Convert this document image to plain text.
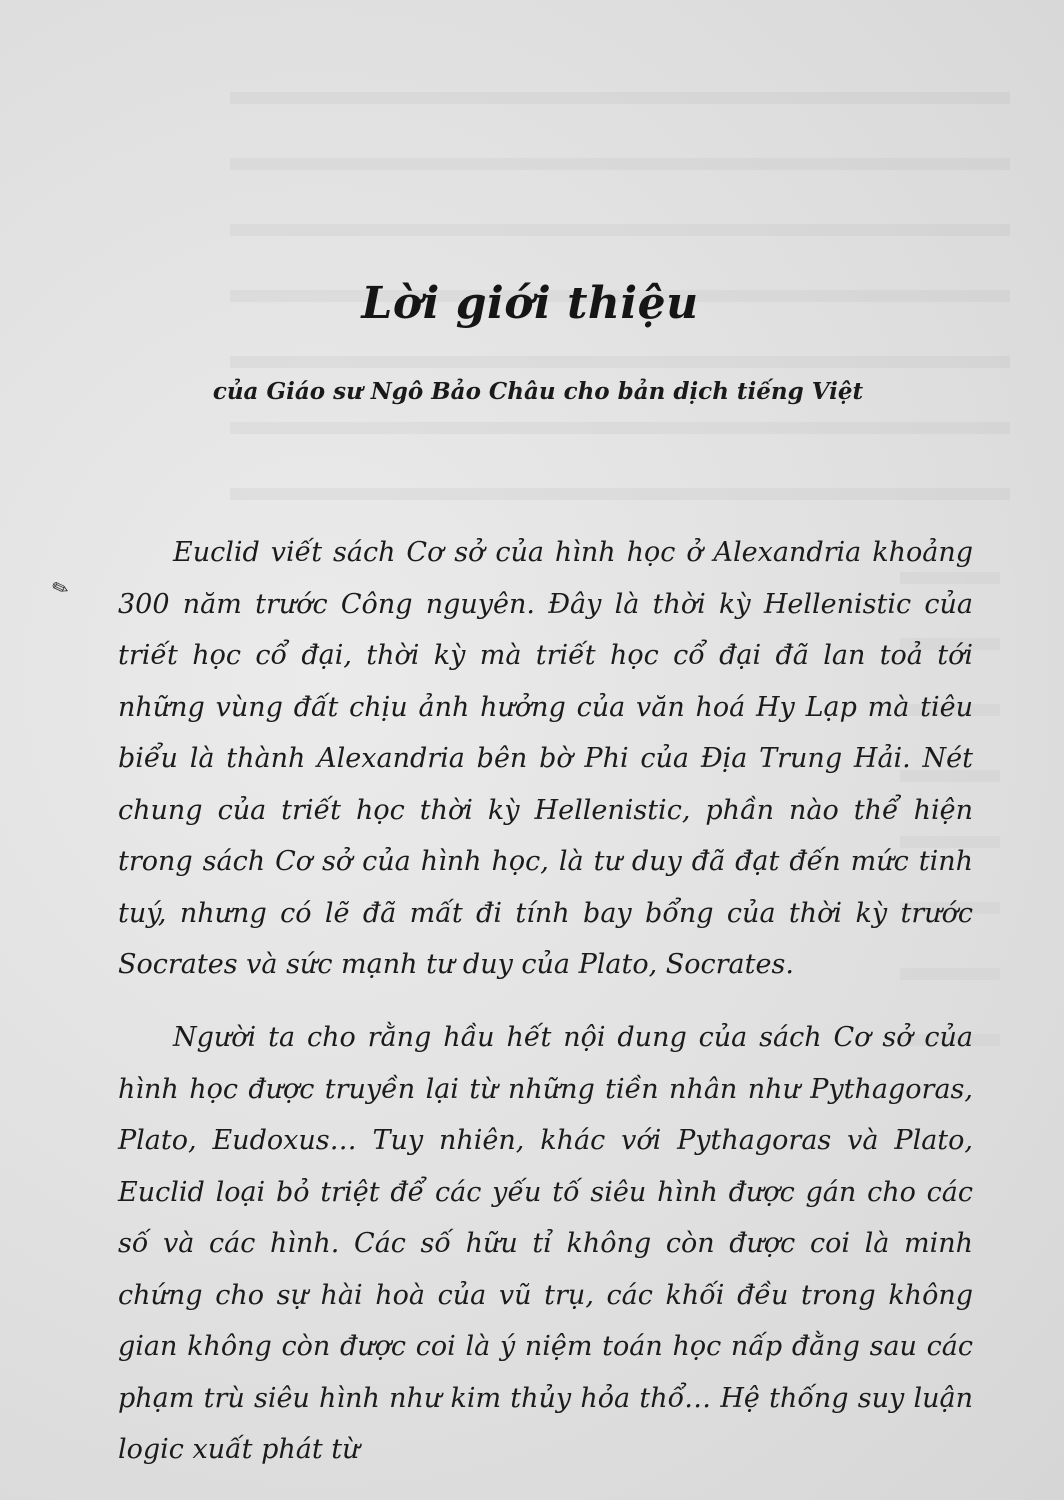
Lời giới thiệu
của Giáo sư Ngô Bảo Châu cho bản dịch tiếng Việt
✎

Euclid viết sách Cơ sở của hình học ở Alexandria khoảng 300 năm trước Công nguyên. Đây là thời kỳ Hellenistic của triết học cổ đại, thời kỳ mà triết học cổ đại đã lan toả tới những vùng đất chịu ảnh hưởng của văn hoá Hy Lạp mà tiêu biểu là thành Alexandria bên bờ Phi của Địa Trung Hải. Nét chung của triết học thời kỳ Hellenistic, phần nào thể hiện trong sách Cơ sở của hình học, là tư duy đã đạt đến mức tinh tuý, nhưng có lẽ đã mất đi tính bay bổng của thời kỳ trước Socrates và sức mạnh tư duy của Plato, Socrates.

Người ta cho rằng hầu hết nội dung của sách Cơ sở của hình học được truyền lại từ những tiền nhân như Pythagoras, Plato, Eudoxus… Tuy nhiên, khác với Pythagoras và Plato, Euclid loại bỏ triệt để các yếu tố siêu hình được gán cho các số và các hình. Các số hữu tỉ không còn được coi là minh chứng cho sự hài hoà của vũ trụ, các khối đều trong không gian không còn được coi là ý niệm toán học nấp đằng sau các phạm trù siêu hình như kim thủy hỏa thổ… Hệ thống suy luận logic xuất phát từ
